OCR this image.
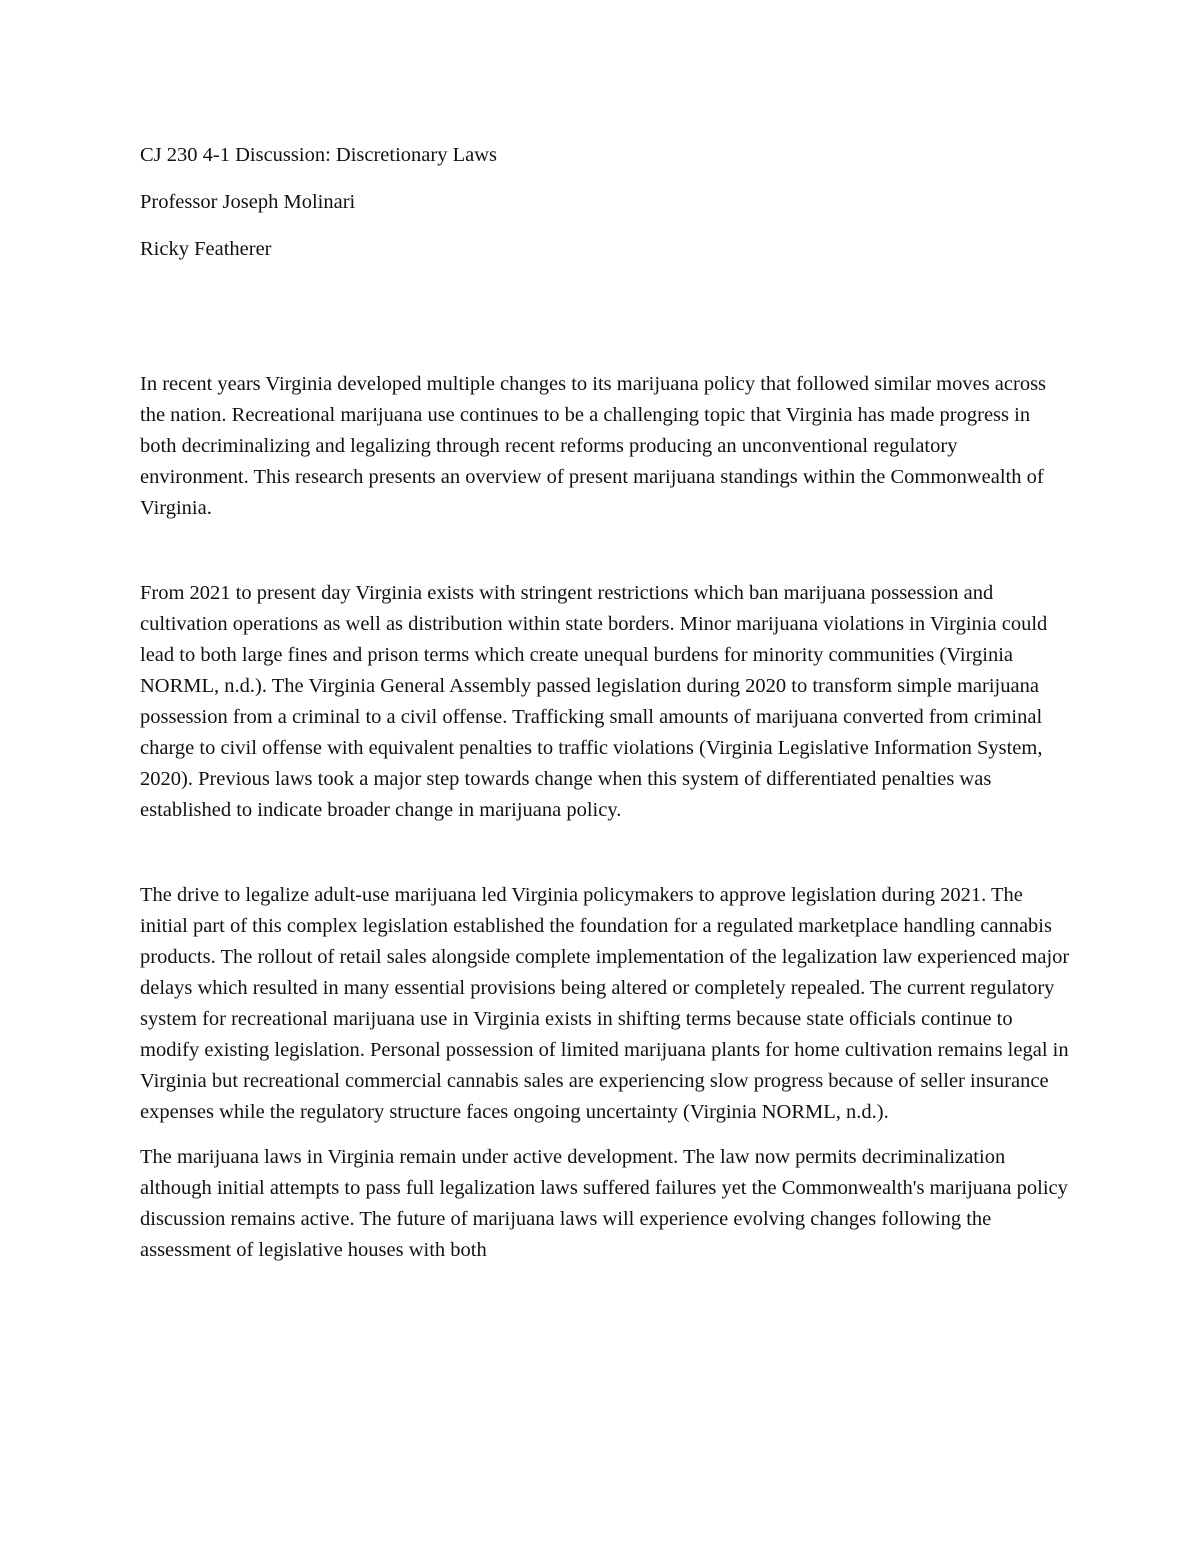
CJ 230 4-1 Discussion: Discretionary Laws

Professor Joseph Molinari

Ricky Featherer

In recent years Virginia developed multiple changes to its marijuana policy that followed similar moves across the nation. Recreational marijuana use continues to be a challenging topic that Virginia has made progress in both decriminalizing and legalizing through recent reforms producing an unconventional regulatory environment. This research presents an overview of present marijuana standings within the Commonwealth of Virginia.

From 2021 to present day Virginia exists with stringent restrictions which ban marijuana possession and cultivation operations as well as distribution within state borders. Minor marijuana violations in Virginia could lead to both large fines and prison terms which create unequal burdens for minority communities (Virginia NORML, n.d.). The Virginia General Assembly passed legislation during 2020 to transform simple marijuana possession from a criminal to a civil offense. Trafficking small amounts of marijuana converted from criminal charge to civil offense with equivalent penalties to traffic violations (Virginia Legislative Information System, 2020). Previous laws took a major step towards change when this system of differentiated penalties was established to indicate broader change in marijuana policy.

The drive to legalize adult-use marijuana led Virginia policymakers to approve legislation during 2021. The initial part of this complex legislation established the foundation for a regulated marketplace handling cannabis products. The rollout of retail sales alongside complete implementation of the legalization law experienced major delays which resulted in many essential provisions being altered or completely repealed. The current regulatory system for recreational marijuana use in Virginia exists in shifting terms because state officials continue to modify existing legislation. Personal possession of limited marijuana plants for home cultivation remains legal in Virginia but recreational commercial cannabis sales are experiencing slow progress because of seller insurance expenses while the regulatory structure faces ongoing uncertainty (Virginia NORML, n.d.).

The marijuana laws in Virginia remain under active development. The law now permits decriminalization although initial attempts to pass full legalization laws suffered failures yet the Commonwealth's marijuana policy discussion remains active. The future of marijuana laws will experience evolving changes following the assessment of legislative houses with both
